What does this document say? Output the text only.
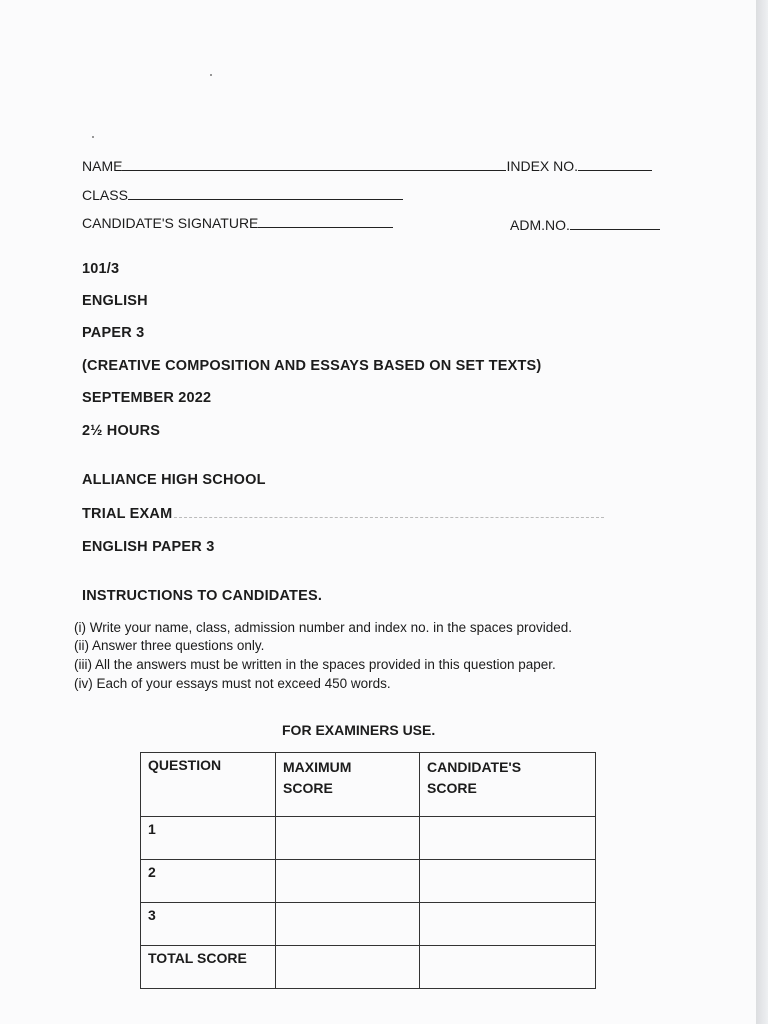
NAME	INDEX NO.
CLASS
CANDIDATE'S SIGNATURE	ADM.NO.
101/3
ENGLISH
PAPER 3
(CREATIVE COMPOSITION AND ESSAYS BASED ON SET TEXTS)
SEPTEMBER 2022
2½ HOURS
ALLIANCE HIGH SCHOOL
TRIAL EXAM
ENGLISH PAPER 3
INSTRUCTIONS TO CANDIDATES.
(i) Write your name, class, admission number and index no. in the spaces provided.
(ii) Answer three questions only.
(iii) All the answers must be written in the spaces provided in this question paper.
(iv) Each of your essays must not exceed 450 words.
FOR EXAMINERS USE.
QUESTION	MAXIMUM SCORE	CANDIDATE'S SCORE
1		
2		
3		
TOTAL SCORE		
